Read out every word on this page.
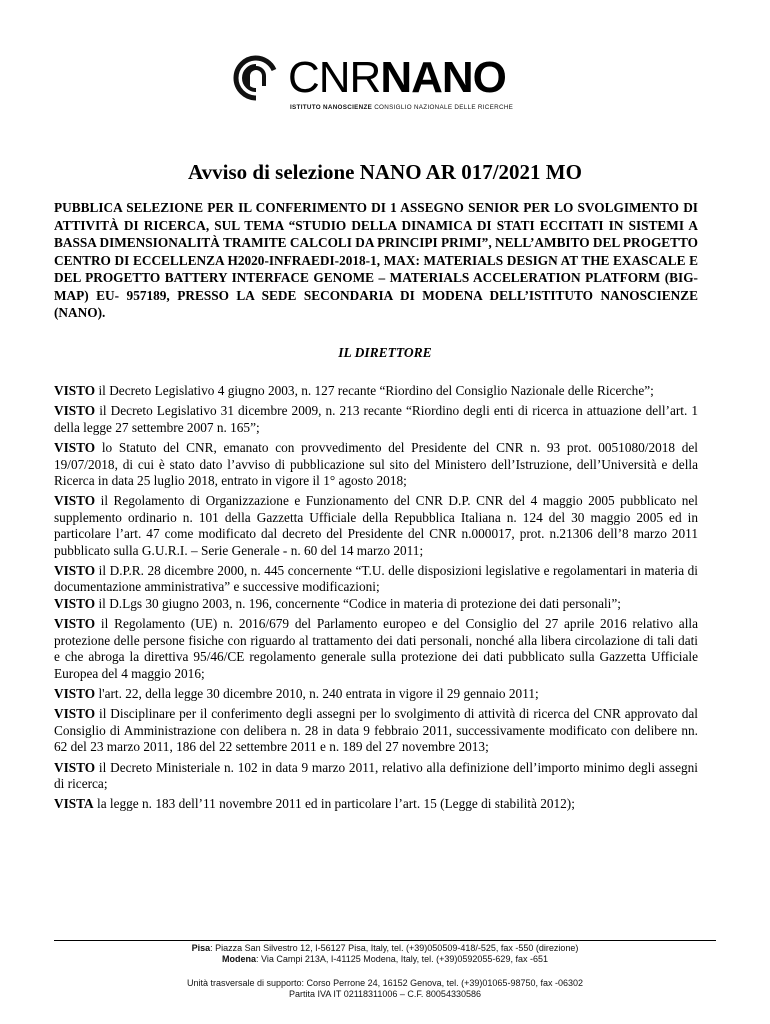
CNRNANO
ISTITUTO NANOSCIENZE CONSIGLIO NAZIONALE DELLE RICERCHE
Avviso di selezione NANO AR 017/2021 MO
PUBBLICA SELEZIONE PER IL CONFERIMENTO DI 1 ASSEGNO SENIOR PER LO SVOLGIMENTO DI ATTIVITÀ DI RICERCA, SUL TEMA “STUDIO DELLA DINAMICA DI STATI ECCITATI IN SISTEMI A BASSA DIMENSIONALITÀ TRAMITE CALCOLI DA PRINCIPI PRIMI”, NELL’AMBITO DEL PROGETTO CENTRO DI ECCELLENZA H2020-INFRAEDI-2018-1, MAX: MATERIALS DESIGN AT THE EXASCALE E DEL PROGETTO BATTERY INTERFACE GENOME – MATERIALS ACCELERATION PLATFORM (BIG-MAP) EU- 957189, PRESSO LA SEDE SECONDARIA DI MODENA DELL’ISTITUTO NANOSCIENZE (NANO).
IL DIRETTORE

VISTO il Decreto Legislativo 4 giugno 2003, n. 127 recante “Riordino del Consiglio Nazionale delle Ricerche”;

VISTO il Decreto Legislativo 31 dicembre 2009, n. 213 recante “Riordino degli enti di ricerca in attuazione dell’art. 1 della legge 27 settembre 2007 n. 165”;

VISTO lo Statuto del CNR, emanato con provvedimento del Presidente del CNR n. 93 prot. 0051080/2018 del 19/07/2018, di cui è stato dato l’avviso di pubblicazione sul sito del Ministero dell’Istruzione, dell’Università e della Ricerca in data 25 luglio 2018, entrato in vigore il 1° agosto 2018;

VISTO il Regolamento di Organizzazione e Funzionamento del CNR D.P. CNR del 4 maggio 2005 pubblicato nel supplemento ordinario n. 101 della Gazzetta Ufficiale della Repubblica Italiana n. 124 del 30 maggio 2005 ed in particolare l’art. 47 come modificato dal decreto del Presidente del CNR n.000017, prot. n.21306 dell’8 marzo 2011 pubblicato sulla G.U.R.I. – Serie Generale - n. 60 del 14 marzo 2011;

VISTO il D.P.R. 28 dicembre 2000, n. 445 concernente “T.U. delle disposizioni legislative e regolamentari in materia di documentazione amministrativa” e successive modificazioni;

VISTO il D.Lgs 30 giugno 2003, n. 196, concernente “Codice in materia di protezione dei dati personali”;

VISTO il Regolamento (UE) n. 2016/679 del Parlamento europeo e del Consiglio del 27 aprile 2016 relativo alla protezione delle persone fisiche con riguardo al trattamento dei dati personali, nonché alla libera circolazione di tali dati e che abroga la direttiva 95/46/CE regolamento generale sulla protezione dei dati pubblicato sulla Gazzetta Ufficiale Europea del 4 maggio 2016;

VISTO l'art. 22, della legge 30 dicembre 2010, n. 240 entrata in vigore il 29 gennaio 2011;

VISTO il Disciplinare per il conferimento degli assegni per lo svolgimento di attività di ricerca del CNR approvato dal Consiglio di Amministrazione con delibera n. 28 in data 9 febbraio 2011, successivamente modificato con delibere nn. 62 del 23 marzo 2011, 186 del 22 settembre 2011 e n. 189 del 27 novembre 2013;

VISTO il Decreto Ministeriale n. 102 in data 9 marzo 2011, relativo alla definizione dell’importo minimo degli assegni di ricerca;

VISTA la legge n. 183 dell’11 novembre 2011 ed in particolare l’art. 15 (Legge di stabilità 2012);

Pisa: Piazza San Silvestro 12, I-56127 Pisa, Italy, tel. (+39)050509-418/-525, fax -550 (direzione)
Modena: Via Campi 213A, I-41125 Modena, Italy, tel. (+39)0592055-629, fax -651
Unità trasversale di supporto: Corso Perrone 24, 16152 Genova, tel. (+39)01065-98750, fax -06302
Partita IVA IT 02118311006 – C.F. 80054330586
